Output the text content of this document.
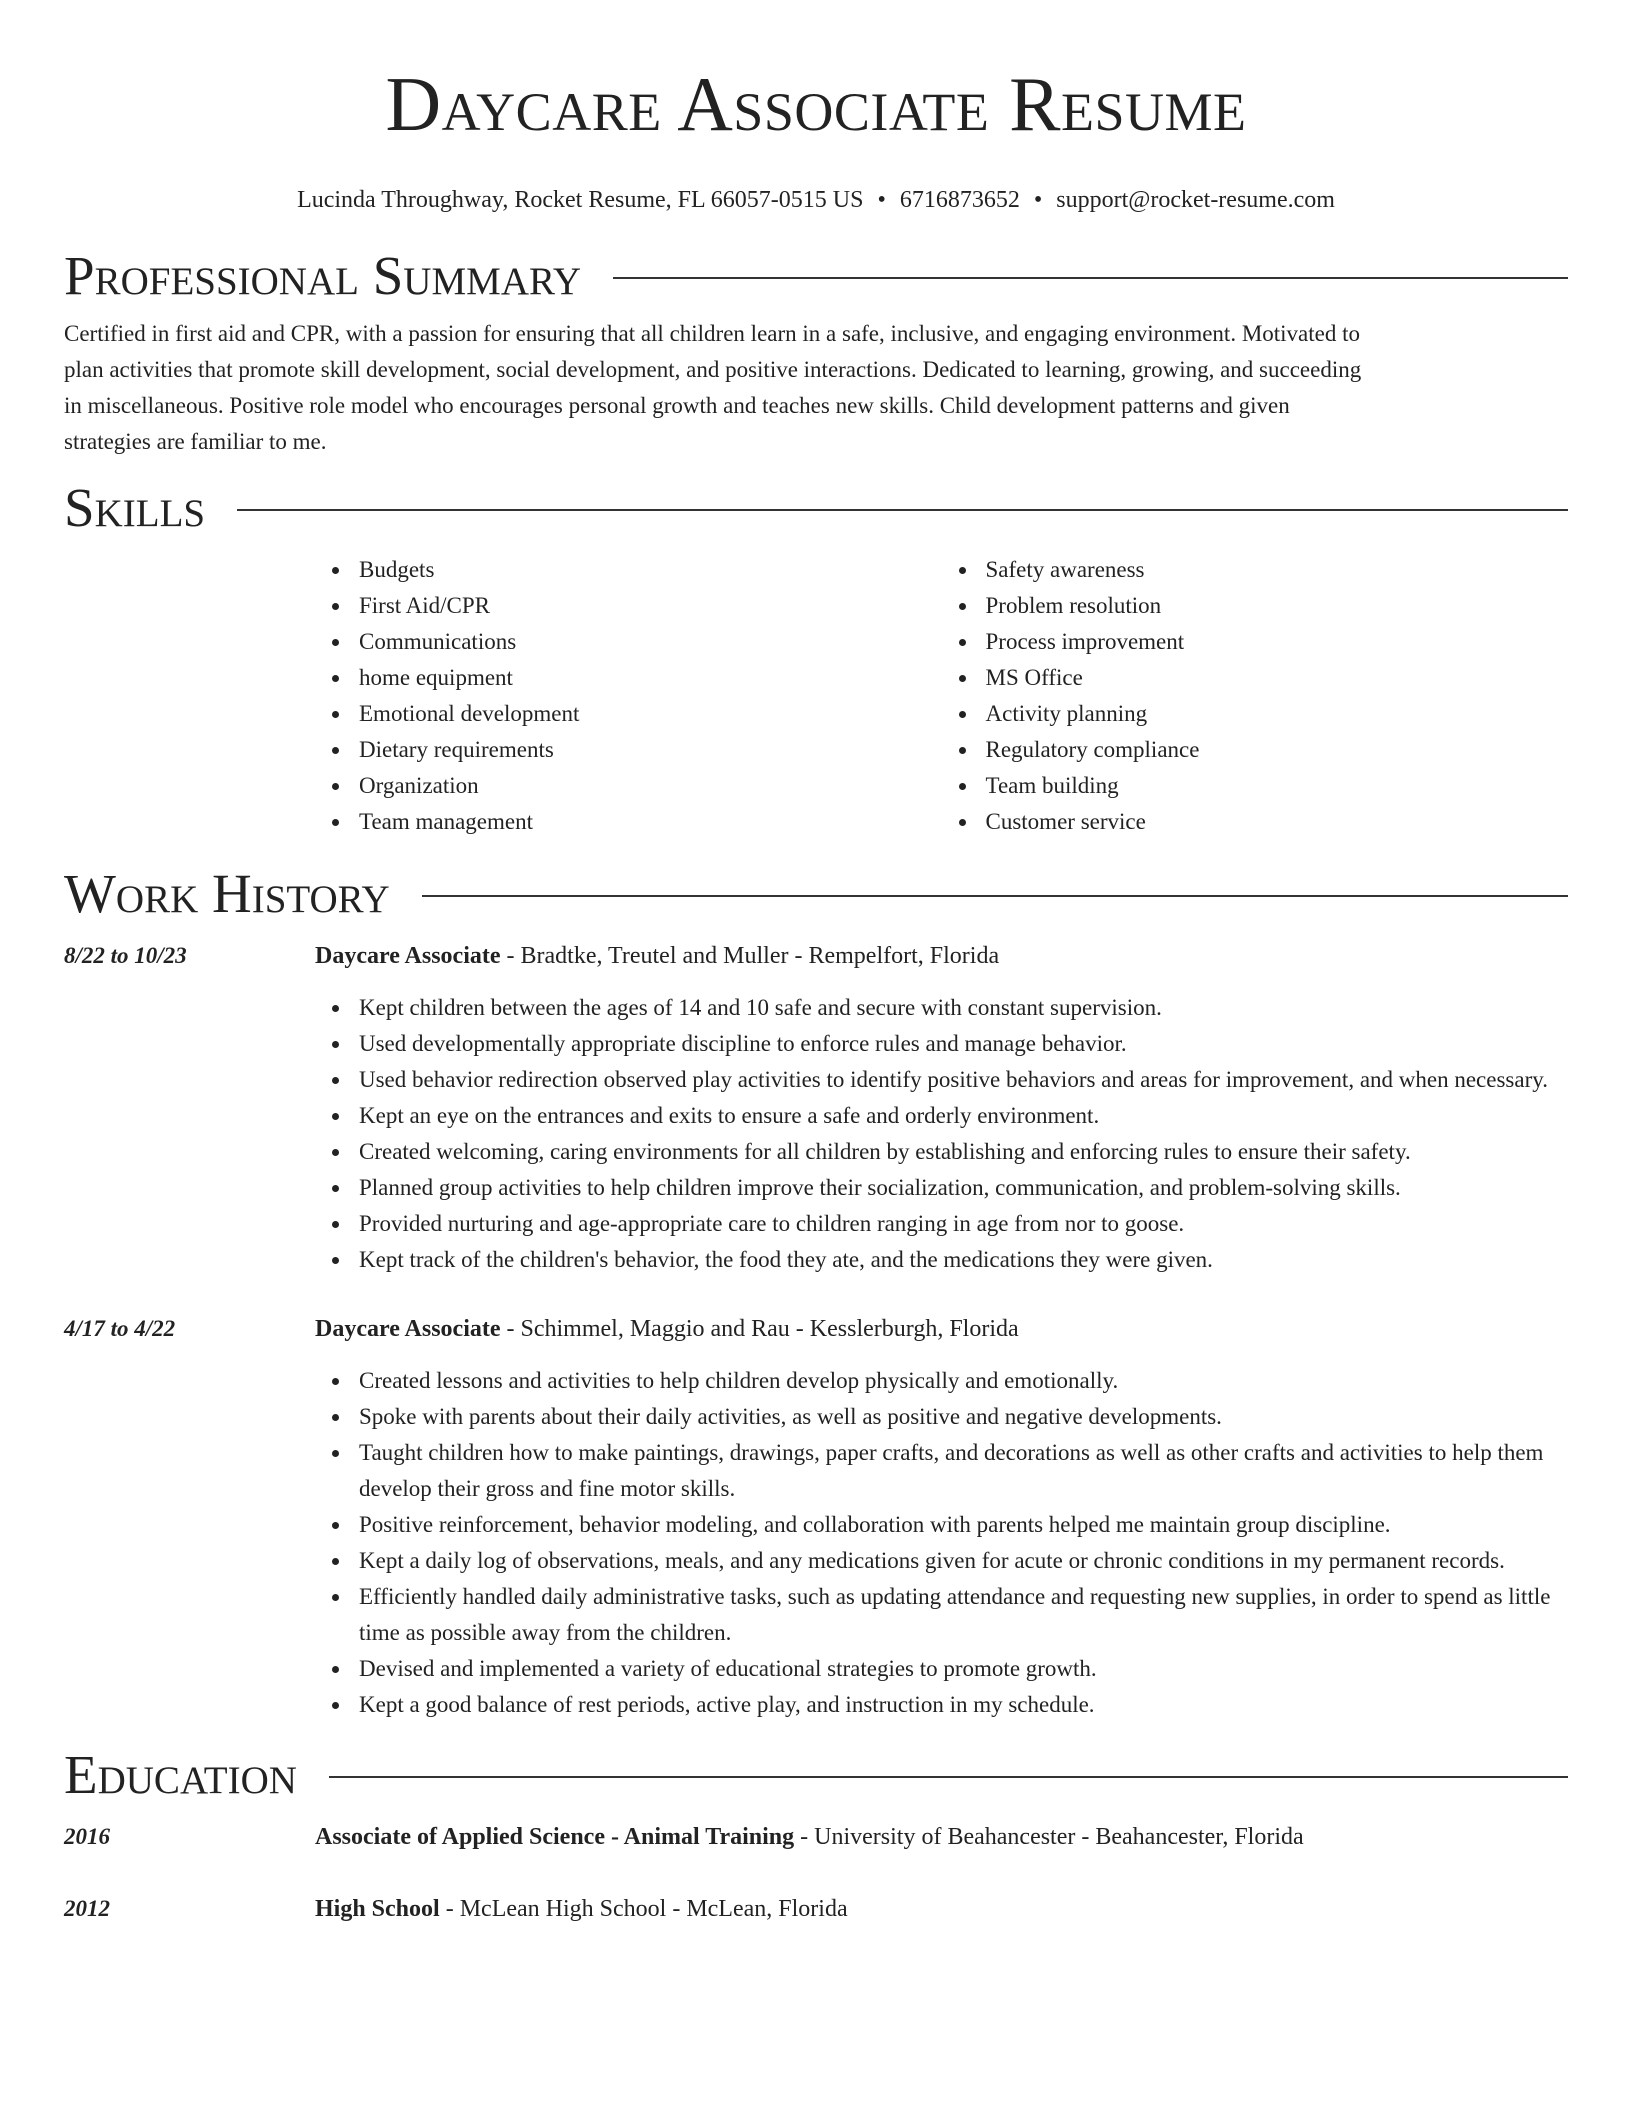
Daycare Associate Resume
Lucinda Throughway, Rocket Resume, FL 66057-0515 US • 6716873652 • support@rocket-resume.com
Professional Summary

Certified in first aid and CPR, with a passion for ensuring that all children learn in a safe, inclusive, and engaging environment. Motivated to plan activities that promote skill development, social development, and positive interactions. Dedicated to learning, growing, and succeeding in miscellaneous. Positive role model who encourages personal growth and teaches new skills. Child development patterns and given strategies are familiar to me.

Skills
Budgets
First Aid/CPR
Communications
home equipment
Emotional development
Dietary requirements
Organization
Team management
Safety awareness
Problem resolution
Process improvement
MS Office
Activity planning
Regulatory compliance
Team building
Customer service
Work History
8/22 to 10/23	Daycare Associate - Bradtke, Treutel and Muller - Rempelfort, Florida
Kept children between the ages of 14 and 10 safe and secure with constant supervision.
Used developmentally appropriate discipline to enforce rules and manage behavior.
Used behavior redirection observed play activities to identify positive behaviors and areas for improvement, and when necessary.
Kept an eye on the entrances and exits to ensure a safe and orderly environment.
Created welcoming, caring environments for all children by establishing and enforcing rules to ensure their safety.
Planned group activities to help children improve their socialization, communication, and problem-solving skills.
Provided nurturing and age-appropriate care to children ranging in age from nor to goose.
Kept track of the children's behavior, the food they ate, and the medications they were given.
4/17 to 4/22	Daycare Associate - Schimmel, Maggio and Rau - Kesslerburgh, Florida
Created lessons and activities to help children develop physically and emotionally.
Spoke with parents about their daily activities, as well as positive and negative developments.
Taught children how to make paintings, drawings, paper crafts, and decorations as well as other crafts and activities to help them develop their gross and fine motor skills.
Positive reinforcement, behavior modeling, and collaboration with parents helped me maintain group discipline.
Kept a daily log of observations, meals, and any medications given for acute or chronic conditions in my permanent records.
Efficiently handled daily administrative tasks, such as updating attendance and requesting new supplies, in order to spend as little time as possible away from the children.
Devised and implemented a variety of educational strategies to promote growth.
Kept a good balance of rest periods, active play, and instruction in my schedule.
Education
2016	Associate of Applied Science - Animal Training - University of Beahancester - Beahancester, Florida
2012	High School - McLean High School - McLean, Florida
